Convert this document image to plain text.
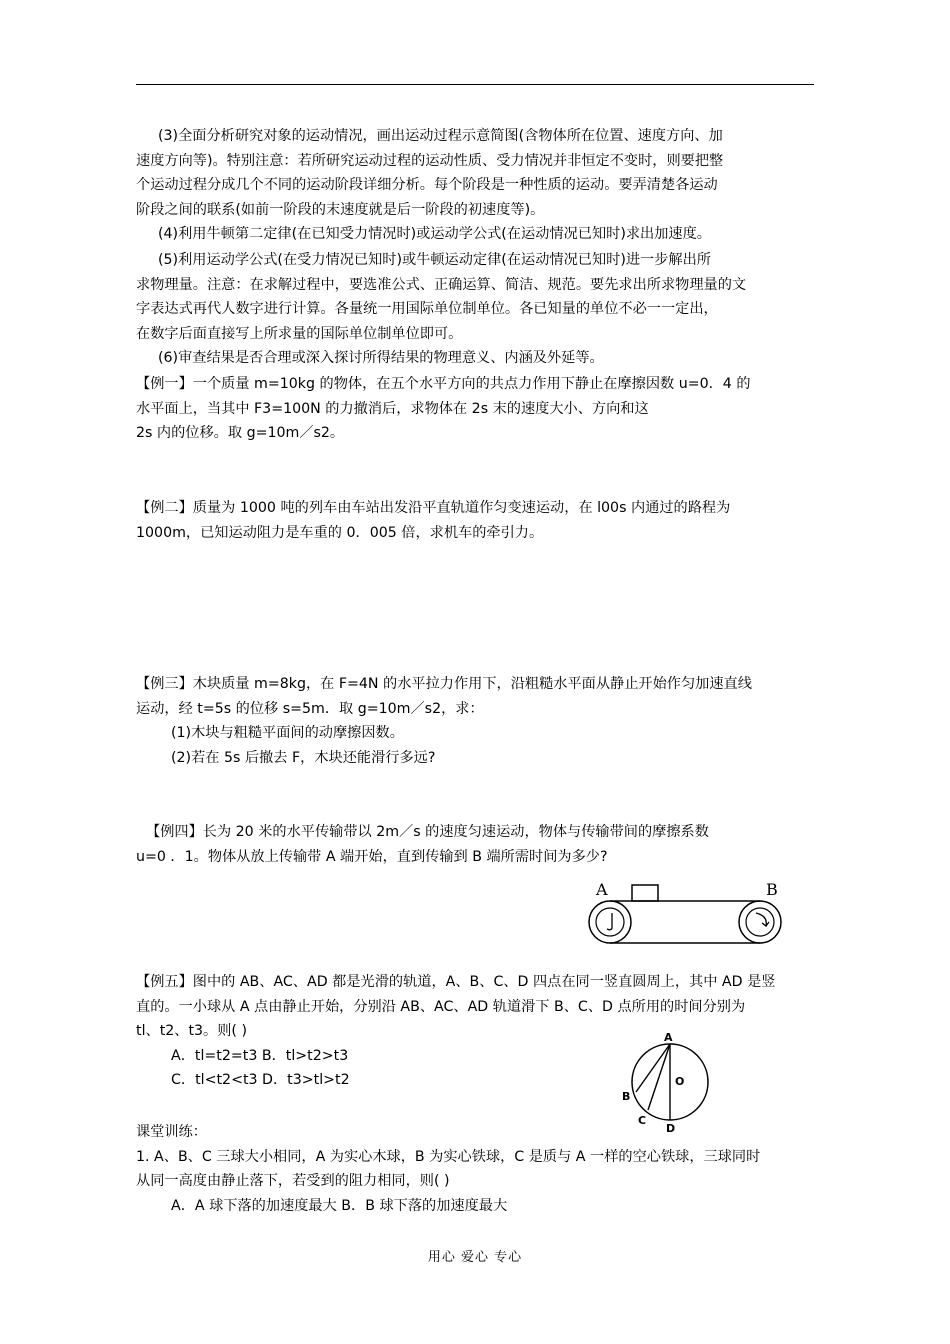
(3)全面分析研究对象的运动情况，画出运动过程示意简图(含物体所在位置、速度方向、加
速度方向等)。特别注意：若所研究运动过程的运动性质、受力情况并非恒定不变时，则要把整
个运动过程分成几个不同的运动阶段详细分析。每个阶段是一种性质的运动。要弄清楚各运动
阶段之间的联系(如前一阶段的末速度就是后一阶段的初速度等)。
(4)利用牛顿第二定律(在已知受力情况时)或运动学公式(在运动情况已知时)求出加速度。
(5)利用运动学公式(在受力情况已知时)或牛顿运动定律(在运动情况已知时)进一步解出所
求物理量。注意：在求解过程中，要选准公式、正确运算、简洁、规范。要先求出所求物理量的文
字表达式再代人数字进行计算。各量统一用国际单位制单位。各已知量的单位不必一一定出，
在数字后面直接写上所求量的国际单位制单位即可。
(6)审查结果是否合理或深入探讨所得结果的物理意义、内涵及外延等。
【例一】一个质量 m=10kg 的物体，在五个水平方向的共点力作用下静止在摩擦因数 u=0．4 的
水平面上，当其中 F3=100N 的力撤消后，求物体在 2s 末的速度大小、方向和这
2s 内的位移。取 g=10m／s2。
【例二】质量为 1000 吨的列车由车站出发沿平直轨道作匀变速运动，在 l00s 内通过的路程为
1000m，已知运动阻力是车重的 0．005 倍，求机车的牵引力。
【例三】木块质量 m=8kg，在 F=4N 的水平拉力作用下，沿粗糙水平面从静止开始作匀加速直线
运动，经 t=5s 的位移 s=5m．取 g=10m／s2，求：
(1)木块与粗糙平面间的动摩擦因数。
(2)若在 5s 后撤去 F，木块还能滑行多远?
【例四】长为 20 米的水平传输带以 2m／s 的速度匀速运动，物体与传输带间的摩擦系数
u=0 ．1。物体从放上传输带 A 端开始，直到传输到 B 端所需时间为多少?
A	B
【例五】图中的 AB、AC、AD 都是光滑的轨道，A、B、C、D 四点在同一竖直圆周上，其中 AD 是竖
直的。一小球从 A 点由静止开始，分别沿 AB、AC、AD 轨道滑下 B、C、D 点所用的时间分别为
tl、t2、t3。则( )
A．tl=t2=t3 B．tl>t2>t3
C．tl<t2<t3 D．t3>tl>t2
A
B
C
D
O
课堂训练：
1. A、B、C 三球大小相同，A 为实心木球，B 为实心铁球，C 是质与 A 一样的空心铁球，三球同时
从同一高度由静止落下，若受到的阻力相同，则( )
A．A 球下落的加速度最大 B．B 球下落的加速度最大
用心 爱心 专心
